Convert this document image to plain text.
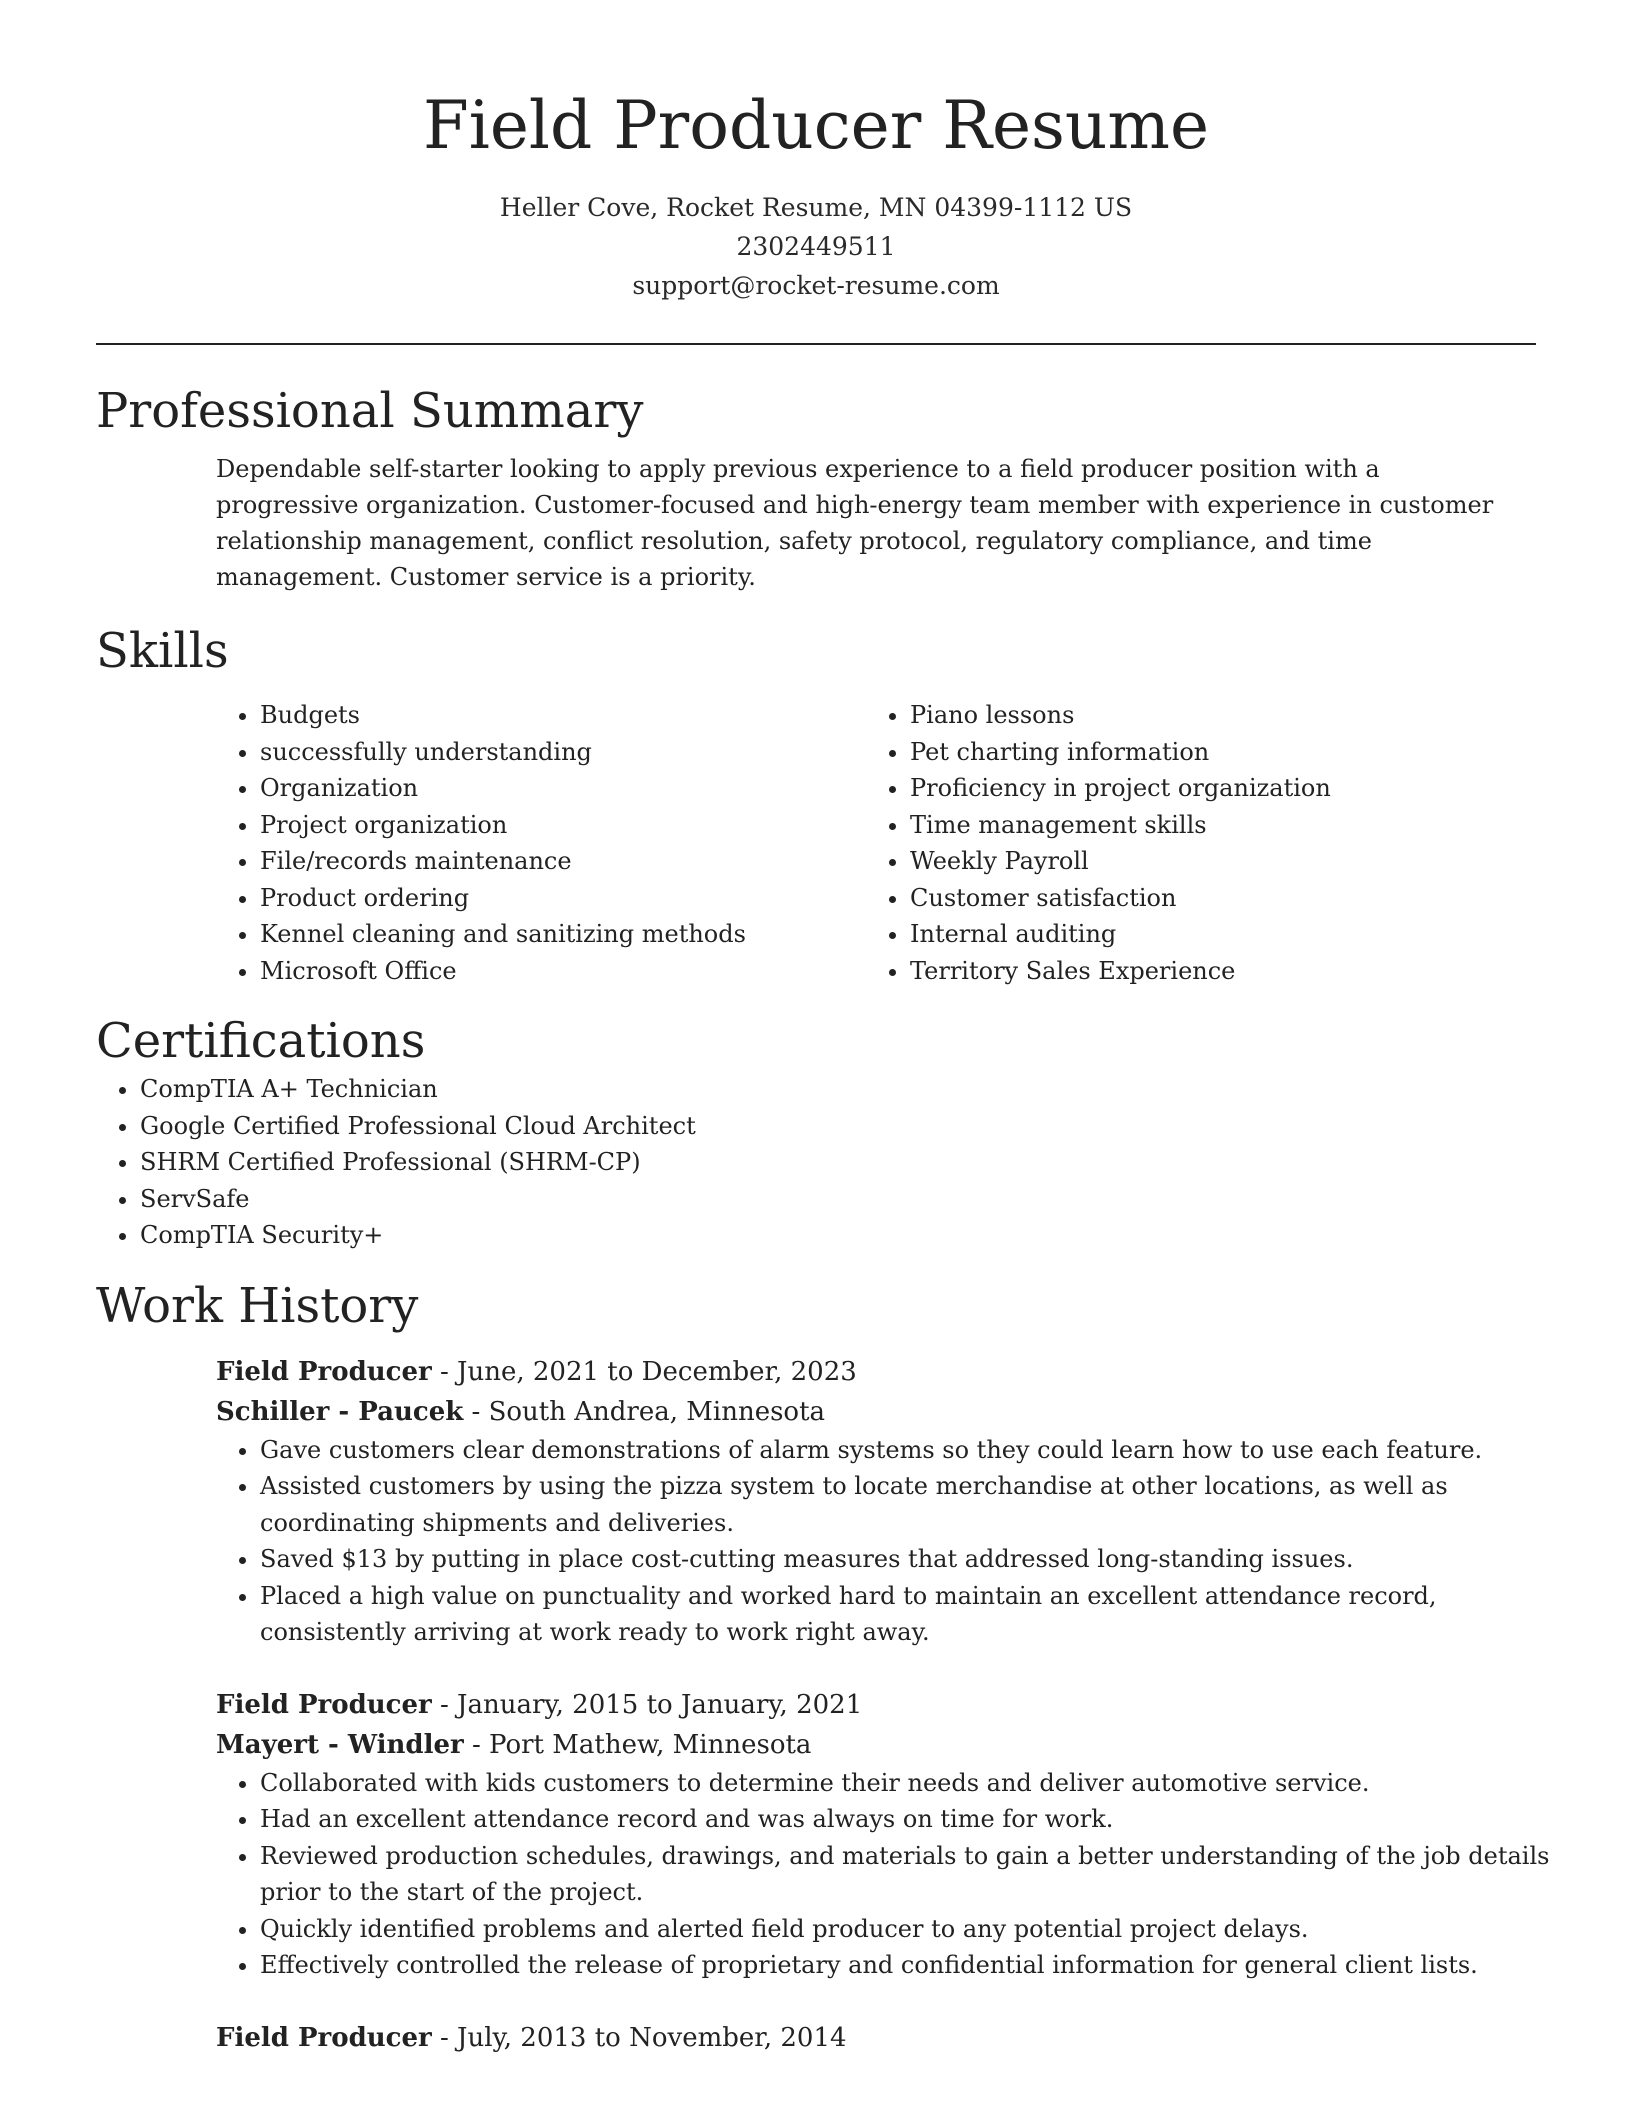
Field Producer Resume
Heller Cove, Rocket Resume, MN 04399-1112 US
2302449511
support@rocket-resume.com
Professional Summary

Dependable self-starter looking to apply previous experience to a field producer position with a progressive organization. Customer-focused and high-energy team member with experience in customer relationship management, conflict resolution, safety protocol, regulatory compliance, and time management. Customer service is a priority.

Skills
• Budgets
• successfully understanding
• Organization
• Project organization
• File/records maintenance
• Product ordering
• Kennel cleaning and sanitizing methods
• Microsoft Office
• Piano lessons
• Pet charting information
• Proficiency in project organization
• Time management skills
• Weekly Payroll
• Customer satisfaction
• Internal auditing
• Territory Sales Experience
Certifications
• CompTIA A+ Technician
• Google Certified Professional Cloud Architect
• SHRM Certified Professional (SHRM-CP)
• ServSafe
• CompTIA Security+
Work History
Field Producer - June, 2021 to December, 2023
Schiller - Paucek - South Andrea, Minnesota
• Gave customers clear demonstrations of alarm systems so they could learn how to use each feature.
• Assisted customers by using the pizza system to locate merchandise at other locations, as well as coordinating shipments and deliveries.
• Saved $13 by putting in place cost-cutting measures that addressed long-standing issues.
• Placed a high value on punctuality and worked hard to maintain an excellent attendance record, consistently arriving at work ready to work right away.
Field Producer - January, 2015 to January, 2021
Mayert - Windler - Port Mathew, Minnesota
• Collaborated with kids customers to determine their needs and deliver automotive service.
• Had an excellent attendance record and was always on time for work.
• Reviewed production schedules, drawings, and materials to gain a better understanding of the job details prior to the start of the project.
• Quickly identified problems and alerted field producer to any potential project delays.
• Effectively controlled the release of proprietary and confidential information for general client lists.
Field Producer - July, 2013 to November, 2014
